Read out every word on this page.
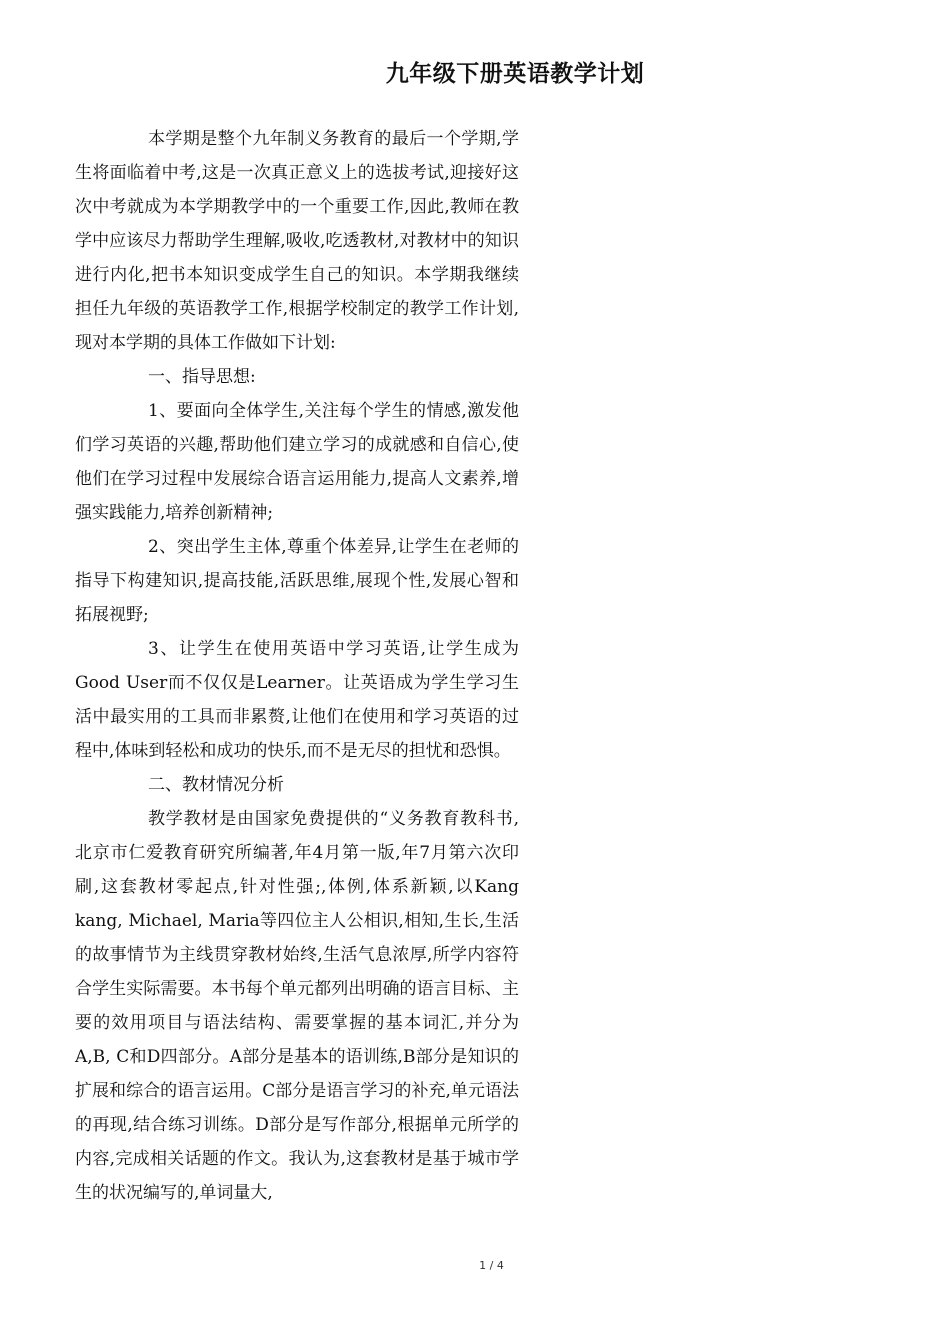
九年级下册英语教学计划

本学期是整个九年制义务教育的最后一个学期,学生将面临着中考,这是一次真正意义上的选拔考试,迎接好这次中考就成为本学期教学中的一个重要工作,因此,教师在教学中应该尽力帮助学生理解,吸收,吃透教材,对教材中的知识进行内化,把书本知识变成学生自己的知识。本学期我继续担任九年级的英语教学工作,根据学校制定的教学工作计划,现对本学期的具体工作做如下计划:

一、指导思想:

1、要面向全体学生,关注每个学生的情感,激发他们学习英语的兴趣,帮助他们建立学习的成就感和自信心,使他们在学习过程中发展综合语言运用能力,提高人文素养,增强实践能力,培养创新精神;

2、突出学生主体,尊重个体差异,让学生在老师的指导下构建知识,提高技能,活跃思维,展现个性,发展心智和拓展视野;

3、让学生在使用英语中学习英语,让学生成为Good User而不仅仅是Learner。让英语成为学生学习生活中最实用的工具而非累赘,让他们在使用和学习英语的过程中,体味到轻松和成功的快乐,而不是无尽的担忧和恐惧。

二、教材情况分析

教学教材是由国家免费提供的“义务教育教科书,北京市仁爱教育研究所编著,年4月第一版,年7月第六次印刷,这套教材零起点,针对性强;,体例,体系新颖,以Kang kang, Michael, Maria等四位主人公相识,相知,生长,生活的故事情节为主线贯穿教材始终,生活气息浓厚,所学内容符合学生实际需要。本书每个单元都列出明确的语言目标、主要的效用项目与语法结构、需要掌握的基本词汇,并分为A,B, C和D四部分。A部分是基本的语训练,B部分是知识的扩展和综合的语言运用。C部分是语言学习的补充,单元语法的再现,结合练习训练。D部分是写作部分,根据单元所学的内容,完成相关话题的作文。我认为,这套教材是基于城市学生的状况编写的,单词量大,

1 / 4
